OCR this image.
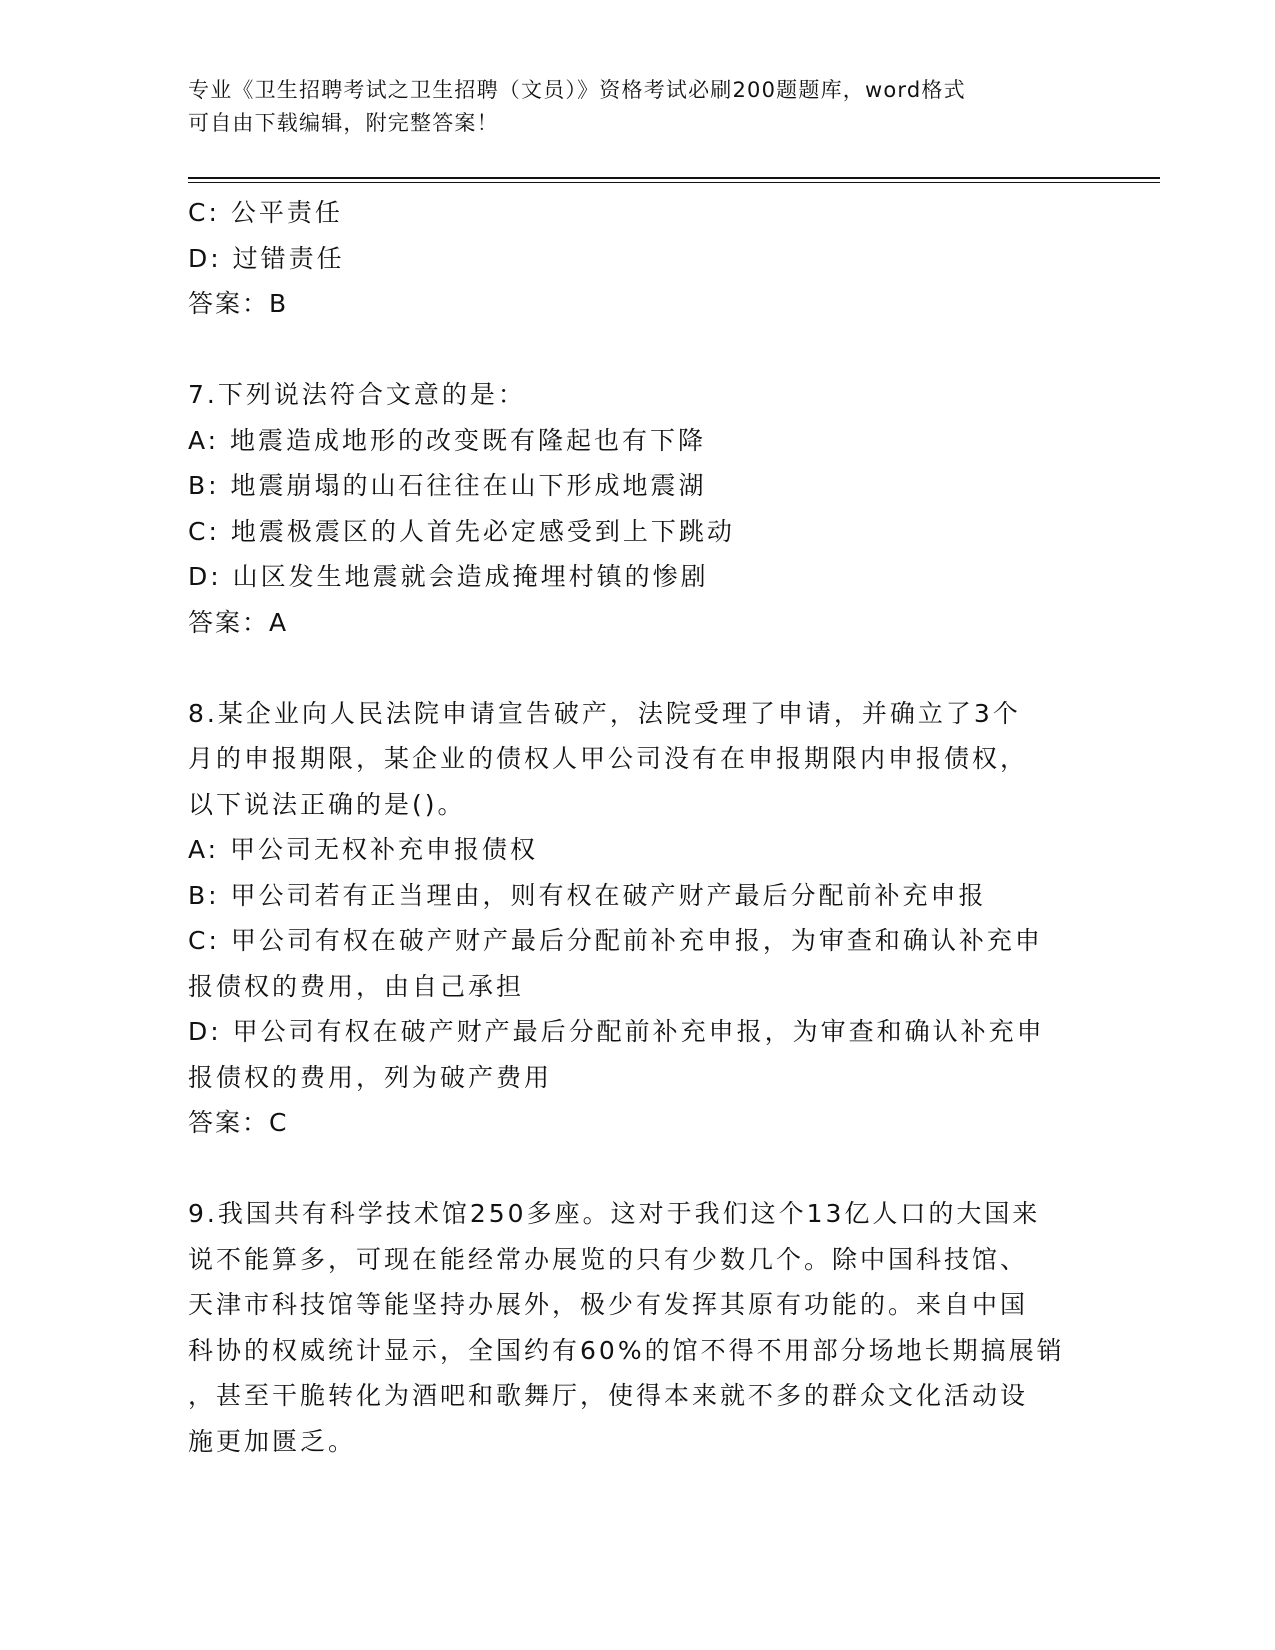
专业《卫生招聘考试之卫生招聘（文员）》资格考试必刷200题题库，word格式
可自由下载编辑，附完整答案！
C: 公平责任
D: 过错责任
答案：B
7.下列说法符合文意的是：
A: 地震造成地形的改变既有隆起也有下降
B: 地震崩塌的山石往往在山下形成地震湖
C: 地震极震区的人首先必定感受到上下跳动
D: 山区发生地震就会造成掩埋村镇的惨剧
答案：A
8.某企业向人民法院申请宣告破产，法院受理了申请，并确立了3个
月的申报期限，某企业的债权人甲公司没有在申报期限内申报债权，
以下说法正确的是()。
A: 甲公司无权补充申报债权
B: 甲公司若有正当理由，则有权在破产财产最后分配前补充申报
C: 甲公司有权在破产财产最后分配前补充申报，为审查和确认补充申
报债权的费用，由自己承担
D: 甲公司有权在破产财产最后分配前补充申报，为审查和确认补充申
报债权的费用，列为破产费用
答案：C
9.我国共有科学技术馆250多座。这对于我们这个13亿人口的大国来
说不能算多，可现在能经常办展览的只有少数几个。除中国科技馆、
天津市科技馆等能坚持办展外，极少有发挥其原有功能的。来自中国
科协的权威统计显示，全国约有60%的馆不得不用部分场地长期搞展销
，甚至干脆转化为酒吧和歌舞厅，使得本来就不多的群众文化活动设
施更加匮乏。
